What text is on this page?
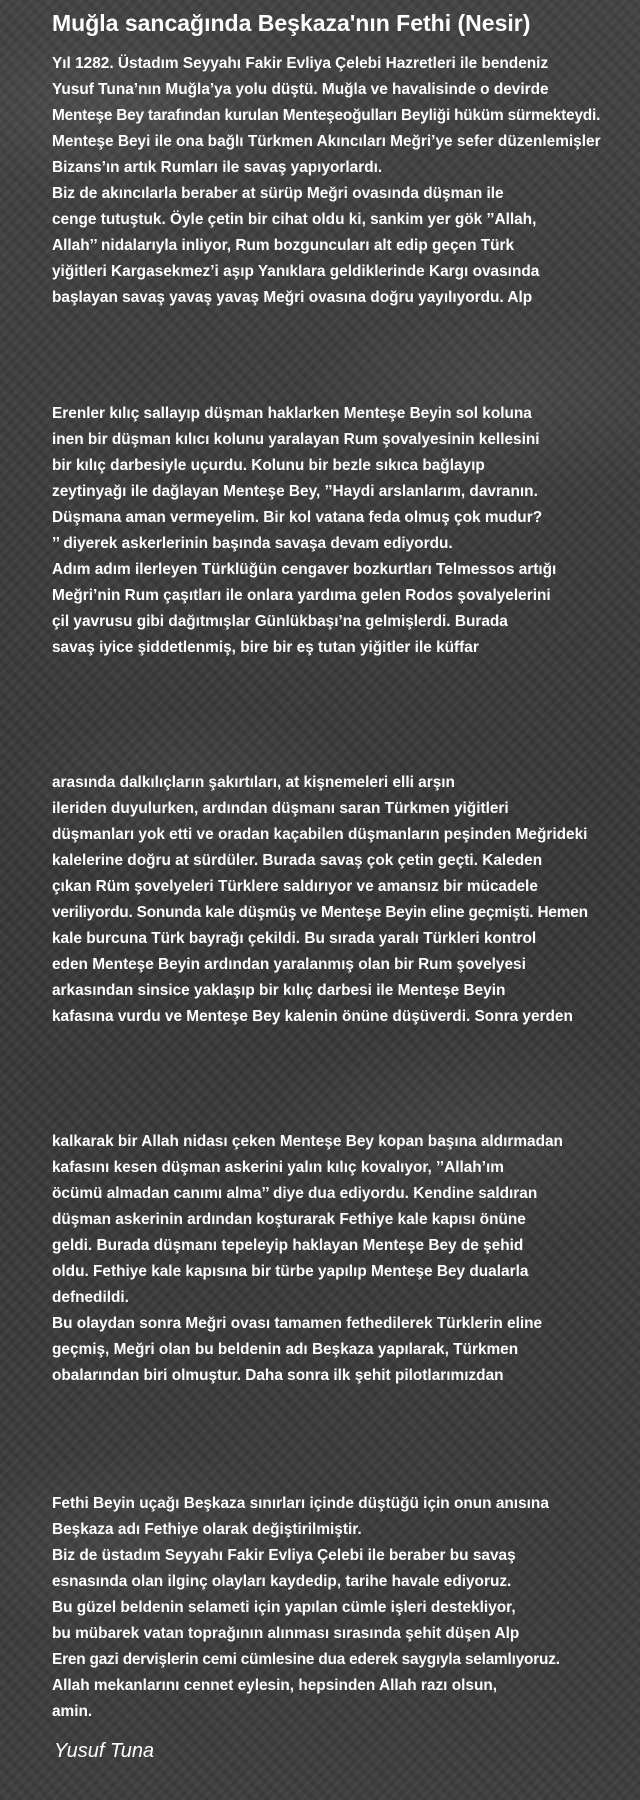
Muğla sancağında Beşkaza'nın Fethi (Nesir)
Yıl 1282. Üstadım Seyyahı Fakir Evliya Çelebi Hazretleri ile bendeniz
Yusuf Tuna’nın Muğla’ya yolu düştü. Muğla ve havalisinde o devirde
Menteşe Bey tarafından kurulan Menteşeoğulları Beyliği hüküm sürmekteydi.
Menteşe Beyi ile ona bağlı Türkmen Akıncıları Meğri’ye sefer düzenlemişler
Bizans’ın artık Rumları ile savaş yapıyorlardı.
Biz de akıncılarla beraber at sürüp Meğri ovasında düşman ile
cenge tutuştuk. Öyle çetin bir cihat oldu ki, sankim yer gök ’’Allah,
Allah’’ nidalarıyla inliyor, Rum bozguncuları alt edip geçen Türk
yiğitleri Kargasekmez’i aşıp Yanıklara geldiklerinde Kargı ovasında
başlayan savaş yavaş yavaş Meğri ovasına doğru yayılıyordu. Alp
Erenler kılıç sallayıp düşman haklarken Menteşe Beyin sol koluna
inen bir düşman kılıcı kolunu yaralayan Rum şovalyesinin kellesini
bir kılıç darbesiyle uçurdu. Kolunu bir bezle sıkıca bağlayıp
zeytinyağı ile dağlayan Menteşe Bey, ’’Haydi arslanlarım, davranın.
Düşmana aman vermeyelim. Bir kol vatana feda olmuş çok mudur?
’’ diyerek askerlerinin başında savaşa devam ediyordu.
Adım adım ilerleyen Türklüğün cengaver bozkurtları Telmessos artığı
Meğri’nin Rum çaşıtları ile onlara yardıma gelen Rodos şovalyelerini
çil yavrusu gibi dağıtmışlar Günlükbaşı’na gelmişlerdi. Burada
savaş iyice şiddetlenmiş, bire bir eş tutan yiğitler ile küffar
arasında dalkılıçların şakırtıları, at kişnemeleri elli arşın
ileriden duyulurken, ardından düşmanı saran Türkmen yiğitleri
düşmanları yok etti ve oradan kaçabilen düşmanların peşinden Meğrideki
kalelerine doğru at sürdüler. Burada savaş çok çetin geçti. Kaleden
çıkan Rüm şovelyeleri Türklere saldırıyor ve amansız bir mücadele
veriliyordu. Sonunda kale düşmüş ve Menteşe Beyin eline geçmişti. Hemen
kale burcuna Türk bayrağı çekildi. Bu sırada yaralı Türkleri kontrol
eden Menteşe Beyin ardından yaralanmış olan bir Rum şovelyesi
arkasından sinsice yaklaşıp bir kılıç darbesi ile Menteşe Beyin
kafasına vurdu ve Menteşe Bey kalenin önüne düşüverdi. Sonra yerden
kalkarak bir Allah nidası çeken Menteşe Bey kopan başına aldırmadan
kafasını kesen düşman askerini yalın kılıç kovalıyor, ’’Allah’ım
öcümü almadan canımı alma’’ diye dua ediyordu. Kendine saldıran
düşman askerinin ardından koşturarak Fethiye kale kapısı önüne
geldi. Burada düşmanı tepeleyip haklayan Menteşe Bey de şehid
oldu. Fethiye kale kapısına bir türbe yapılıp Menteşe Bey dualarla
defnedildi.
Bu olaydan sonra Meğri ovası tamamen fethedilerek Türklerin eline
geçmiş, Meğri olan bu beldenin adı Beşkaza yapılarak, Türkmen
obalarından biri olmuştur. Daha sonra ilk şehit pilotlarımızdan
Fethi Beyin uçağı Beşkaza sınırları içinde düştüğü için onun anısına
Beşkaza adı Fethiye olarak değiştirilmiştir.
Biz de üstadım Seyyahı Fakir Evliya Çelebi ile beraber bu savaş
esnasında olan ilginç olayları kaydedip, tarihe havale ediyoruz.
Bu güzel beldenin selameti için yapılan cümle işleri destekliyor,
bu mübarek vatan toprağının alınması sırasında şehit düşen Alp
Eren gazi dervişlerin cemi cümlesine dua ederek saygıyla selamlıyoruz.
Allah mekanlarını cennet eylesin, hepsinden Allah razı olsun,
amin.
Yusuf Tuna
